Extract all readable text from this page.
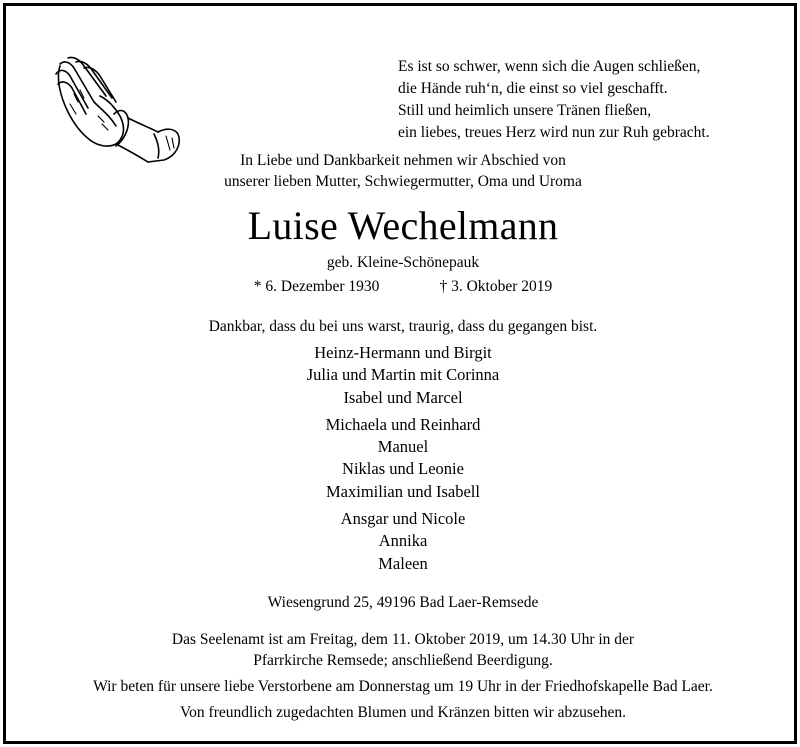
Es ist so schwer, wenn sich die Augen schließen,
die Hände ruh‘n, die einst so viel geschafft.
Still und heimlich unsere Tränen fließen,
ein liebes, treues Herz wird nun zur Ruh gebracht.
In Liebe und Dankbarkeit nehmen wir Abschied von
unserer lieben Mutter, Schwiegermutter, Oma und Uroma
Luise Wechelmann
geb. Kleine-Schönepauk
* 6. Dezember 1930	† 3. Oktober 2019
Dankbar, dass du bei uns warst, traurig, dass du gegangen bist.
Heinz-Hermann und Birgit
Julia und Martin mit Corinna
Isabel und Marcel
Michaela und Reinhard
Manuel
Niklas und Leonie
Maximilian und Isabell
Ansgar und Nicole
Annika
Maleen
Wiesengrund 25, 49196 Bad Laer-Remsede
Das Seelenamt ist am Freitag, dem 11. Oktober 2019, um 14.30 Uhr in der
Pfarrkirche Remsede; anschließend Beerdigung.
Wir beten für unsere liebe Verstorbene am Donnerstag um 19 Uhr in der Friedhofskapelle Bad Laer.
Von freundlich zugedachten Blumen und Kränzen bitten wir abzusehen.
